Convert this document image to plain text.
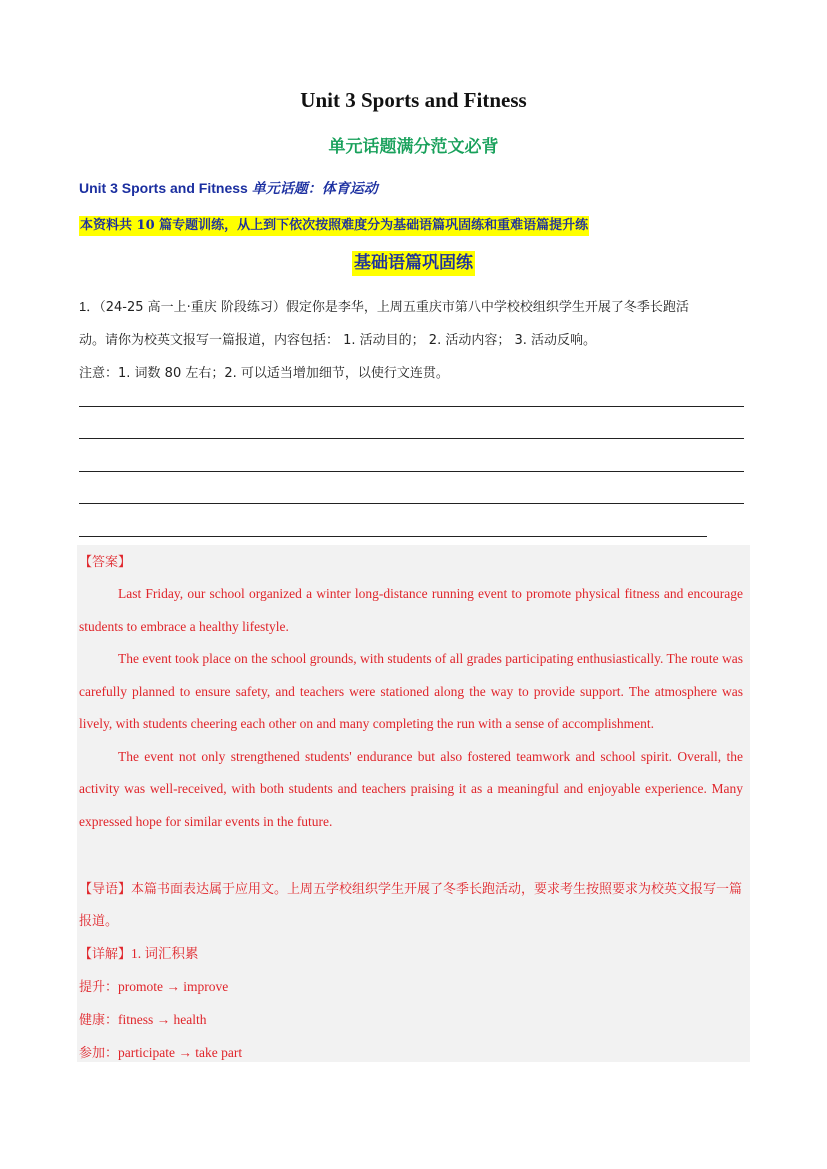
Unit 3 Sports and Fitness
单元话题满分范文必背
Unit 3 Sports and Fitness 单元话题：体育运动
本资料共 10 篇专题训练，从上到下依次按照难度分为基础语篇巩固练和重难语篇提升练
基础语篇巩固练

1．（24-25 高一上·重庆 阶段练习）假定你是李华，上周五重庆市第八中学校校组织学生开展了冬季长跑活

动。请你为校英文报写一篇报道，内容包括： 1. 活动目的； 2. 活动内容； 3. 活动反响。

注意：1. 词数 80 左右；2. 可以适当增加细节，以使行文连贯。

【答案】

Last Friday, our school organized a winter long-distance running event to promote physical fitness and encourage students to embrace a healthy lifestyle.

The event took place on the school grounds, with students of all grades participating enthusiastically. The route was carefully planned to ensure safety, and teachers were stationed along the way to provide support. The atmosphere was lively, with students cheering each other on and many completing the run with a sense of accomplishment.

The event not only strengthened students' endurance but also fostered teamwork and school spirit. Overall, the activity was well-received, with both students and teachers praising it as a meaningful and enjoyable experience. Many expressed hope for similar events in the future.

【导语】本篇书面表达属于应用文。上周五学校组织学生开展了冬季长跑活动，要求考生按照要求为校英文报写一篇报道。

【详解】1. 词汇积累

提升：promote → improve

健康：fitness → health

参加：participate → take part
